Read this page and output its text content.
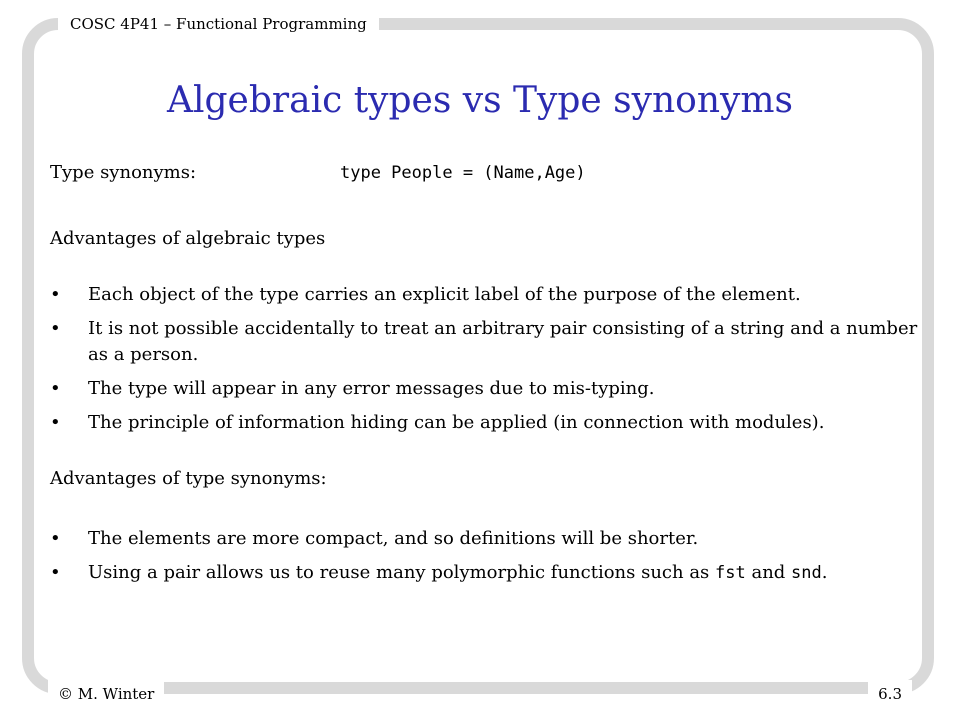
COSC 4P41 – Functional Programming
Algebraic types vs Type synonyms
Type synonyms:	type People = (Name,Age)

Advantages of algebraic types

• Each object of the type carries an explicit label of the purpose of the element.
• It is not possible accidentally to treat an arbitrary pair consisting of a string and a number as a person.
• The type will appear in any error messages due to mis-typing.
• The principle of information hiding can be applied (in connection with modules).

Advantages of type synonyms:

• The elements are more compact, and so definitions will be shorter.
• Using a pair allows us to reuse many polymorphic functions such as fst and snd.
© M. Winter	6.3
